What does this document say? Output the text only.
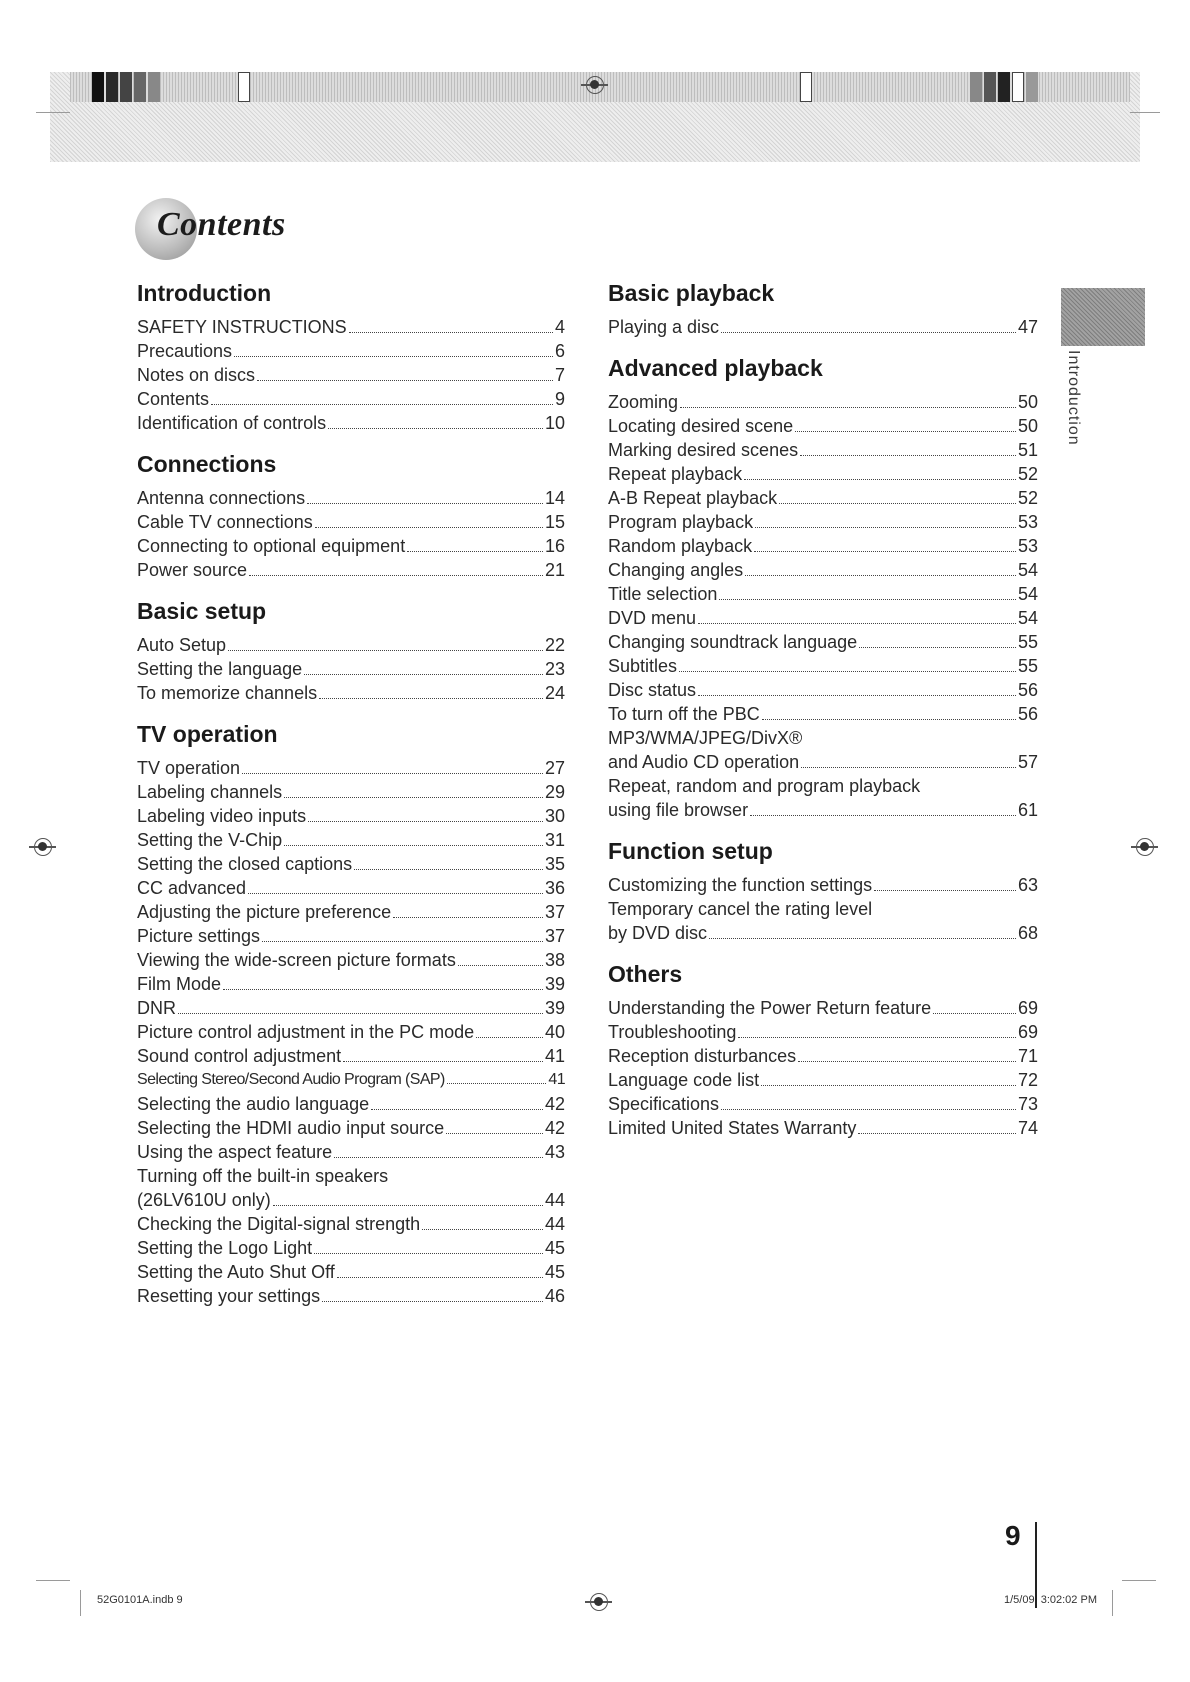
Contents
Introduction
SAFETY INSTRUCTIONS	4
Precautions	6
Notes on discs	7
Contents	9
Identification of controls	10
Connections
Antenna connections	14
Cable TV connections	15
Connecting to optional equipment	16
Power source	21
Basic setup
Auto Setup	22
Setting the language	23
To memorize channels	24
TV operation
TV operation	27
Labeling channels	29
Labeling video inputs	30
Setting the V-Chip	31
Setting the closed captions	35
CC advanced	36
Adjusting the picture preference	37
Picture settings	37
Viewing the wide-screen picture formats	38
Film Mode	39
DNR	39
Picture control adjustment in the PC mode	40
Sound control adjustment	41
Selecting Stereo/Second Audio Program (SAP)	41
Selecting the audio language	42
Selecting the HDMI audio input source	42
Using the aspect feature	43
Turning off the built-in speakers
(26LV610U only)	44
Checking the Digital-signal strength	44
Setting the Logo Light	45
Setting the Auto Shut Off	45
Resetting your settings	46
Basic playback
Playing a disc	47
Advanced playback
Zooming	50
Locating desired scene	50
Marking desired scenes	51
Repeat playback	52
A-B Repeat playback	52
Program playback	53
Random playback	53
Changing angles	54
Title selection	54
DVD menu	54
Changing soundtrack language	55
Subtitles	55
Disc status	56
To turn off the PBC	56
MP3/WMA/JPEG/DivX®
and Audio CD operation	57
Repeat, random and program playback
using file browser	61
Function setup
Customizing the function settings	63
Temporary cancel the rating level
by DVD disc	68
Others
Understanding the Power Return feature	69
Troubleshooting	69
Reception disturbances	71
Language code list	72
Specifications	73
Limited United States Warranty	74
Introduction
9
52G0101A.indb 9	1/5/09 3:02:02 PM
